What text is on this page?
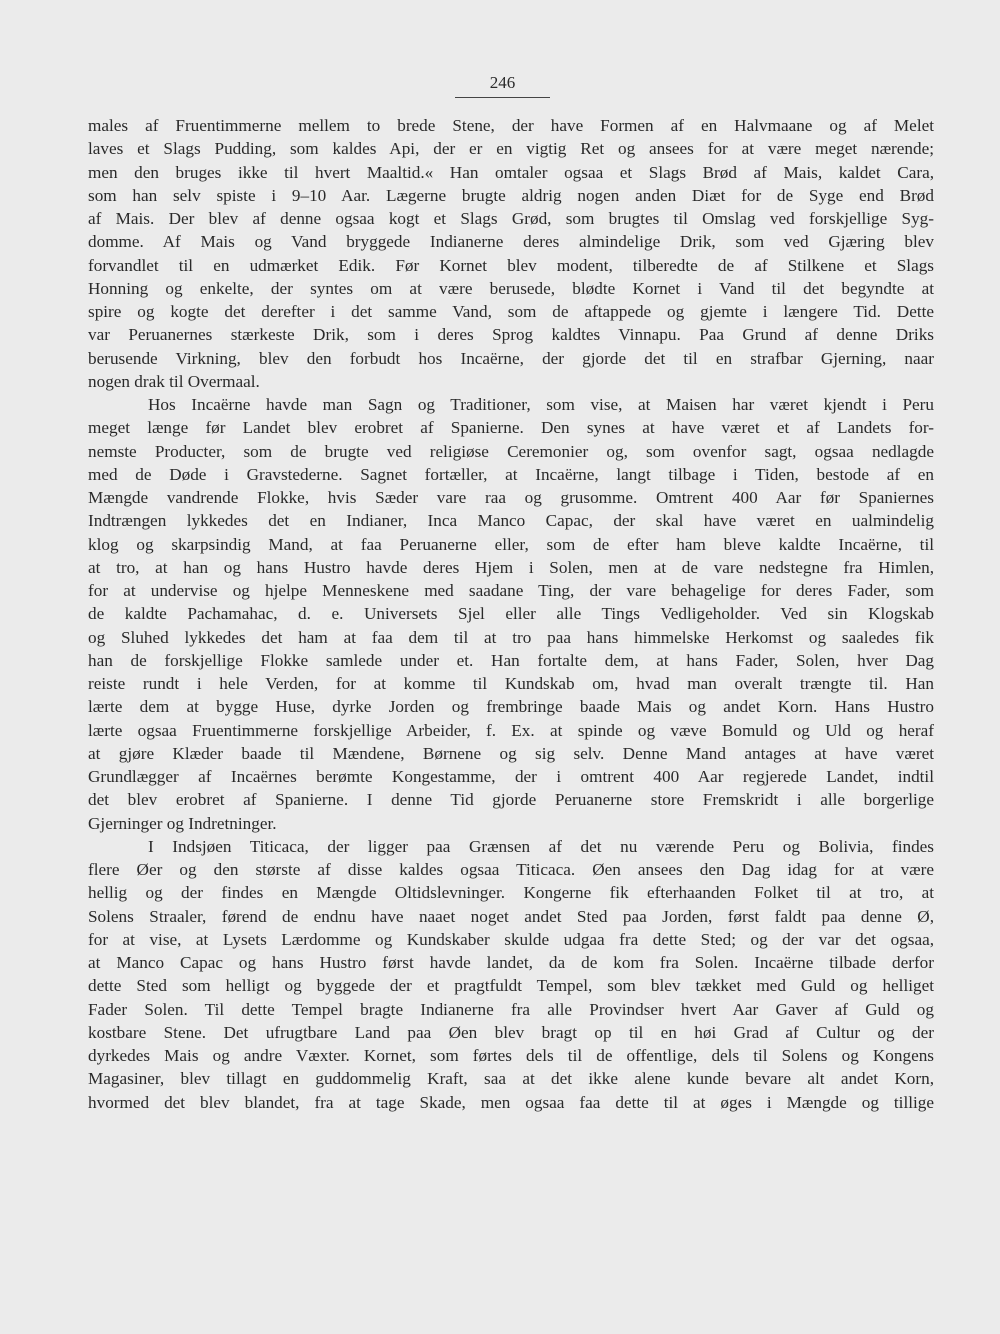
246
males af Fruentimmerne mellem to brede Stene, der have Formen af en Halvmaane og af Melet
laves et Slags Pudding, som kaldes Api, der er en vigtig Ret og ansees for at være meget nærende;
men den bruges ikke til hvert Maaltid.« Han omtaler ogsaa et Slags Brød af Mais, kaldet Cara,
som han selv spiste i 9–10 Aar. Lægerne brugte aldrig nogen anden Diæt for de Syge end Brød
af Mais. Der blev af denne ogsaa kogt et Slags Grød, som brugtes til Omslag ved forskjellige Syg-
domme. Af Mais og Vand bryggede Indianerne deres almindelige Drik, som ved Gjæring blev
forvandlet til en udmærket Edik. Før Kornet blev modent, tilberedte de af Stilkene et Slags
Honning og enkelte, der syntes om at være berusede, blødte Kornet i Vand til det begyndte at
spire og kogte det derefter i det samme Vand, som de aftappede og gjemte i længere Tid. Dette
var Peruanernes stærkeste Drik, som i deres Sprog kaldtes Vinnapu. Paa Grund af denne Driks
berusende Virkning, blev den forbudt hos Incaërne, der gjorde det til en strafbar Gjerning, naar
nogen drak til Overmaal.
Hos Incaërne havde man Sagn og Traditioner, som vise, at Maisen har været kjendt i Peru
meget længe før Landet blev erobret af Spanierne. Den synes at have været et af Landets for-
nemste Producter, som de brugte ved religiøse Ceremonier og, som ovenfor sagt, ogsaa nedlagde
med de Døde i Gravstederne. Sagnet fortæller, at Incaërne, langt tilbage i Tiden, bestode af en
Mængde vandrende Flokke, hvis Sæder vare raa og grusomme. Omtrent 400 Aar før Spaniernes
Indtrængen lykkedes det en Indianer, Inca Manco Capac, der skal have været en ualmindelig
klog og skarpsindig Mand, at faa Peruanerne eller, som de efter ham bleve kaldte Incaërne, til
at tro, at han og hans Hustro havde deres Hjem i Solen, men at de vare nedstegne fra Himlen,
for at undervise og hjelpe Menneskene med saadane Ting, der vare behagelige for deres Fader, som
de kaldte Pachamahac, d. e. Universets Sjel eller alle Tings Vedligeholder. Ved sin Klogskab
og Sluhed lykkedes det ham at faa dem til at tro paa hans himmelske Herkomst og saaledes fik
han de forskjellige Flokke samlede under et. Han fortalte dem, at hans Fader, Solen, hver Dag
reiste rundt i hele Verden, for at komme til Kundskab om, hvad man overalt trængte til. Han
lærte dem at bygge Huse, dyrke Jorden og frembringe baade Mais og andet Korn. Hans Hustro
lærte ogsaa Fruentimmerne forskjellige Arbeider, f. Ex. at spinde og væve Bomuld og Uld og heraf
at gjøre Klæder baade til Mændene, Børnene og sig selv. Denne Mand antages at have været
Grundlægger af Incaërnes berømte Kongestamme, der i omtrent 400 Aar regjerede Landet, indtil
det blev erobret af Spanierne. I denne Tid gjorde Peruanerne store Fremskridt i alle borgerlige
Gjerninger og Indretninger.
I Indsjøen Titicaca, der ligger paa Grænsen af det nu værende Peru og Bolivia, findes
flere Øer og den største af disse kaldes ogsaa Titicaca. Øen ansees den Dag idag for at være
hellig og der findes en Mængde Oltidslevninger. Kongerne fik efterhaanden Folket til at tro, at
Solens Straaler, førend de endnu have naaet noget andet Sted paa Jorden, først faldt paa denne Ø,
for at vise, at Lysets Lærdomme og Kundskaber skulde udgaa fra dette Sted; og der var det ogsaa,
at Manco Capac og hans Hustro først havde landet, da de kom fra Solen. Incaërne tilbade derfor
dette Sted som helligt og byggede der et pragtfuldt Tempel, som blev tækket med Guld og helliget
Fader Solen. Til dette Tempel bragte Indianerne fra alle Provindser hvert Aar Gaver af Guld og
kostbare Stene. Det ufrugtbare Land paa Øen blev bragt op til en høi Grad af Cultur og der
dyrkedes Mais og andre Væxter. Kornet, som førtes dels til de offentlige, dels til Solens og Kongens
Magasiner, blev tillagt en guddommelig Kraft, saa at det ikke alene kunde bevare alt andet Korn,
hvormed det blev blandet, fra at tage Skade, men ogsaa faa dette til at øges i Mængde og tillige
